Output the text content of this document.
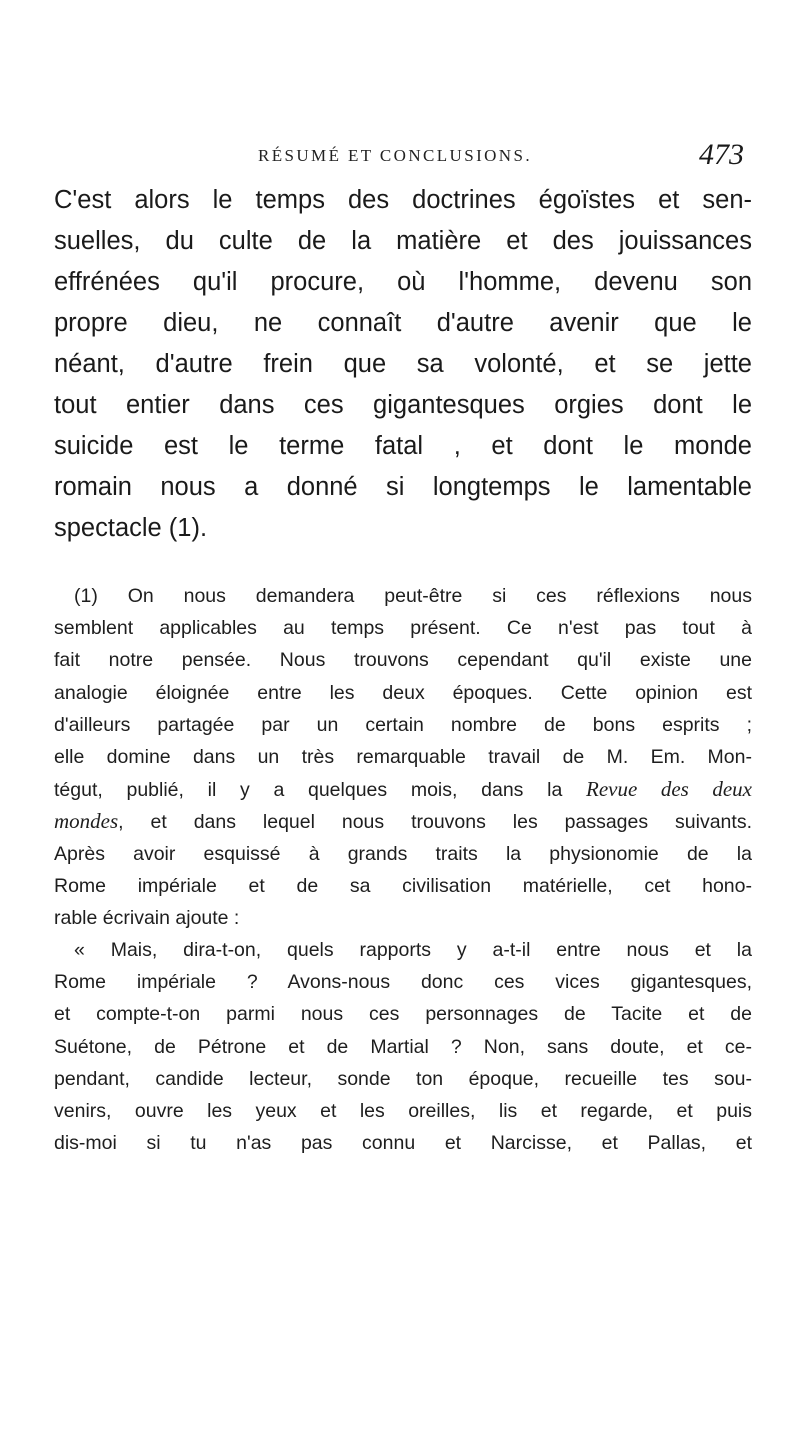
RÉSUMÉ ET CONCLUSIONS.	473
C'est alors le temps des doctrines égoïstes et sen-
suelles, du culte de la matière et des jouissances
effrénées qu'il procure, où l'homme, devenu son
propre dieu, ne connaît d'autre avenir que le
néant, d'autre frein que sa volonté, et se jette
tout entier dans ces gigantesques orgies dont le
suicide est le terme fatal , et dont le monde
romain nous a donné si longtemps le lamentable
spectacle (1).
(1) On nous demandera peut-être si ces réflexions nous
semblent applicables au temps présent. Ce n'est pas tout à
fait notre pensée. Nous trouvons cependant qu'il existe une
analogie éloignée entre les deux époques. Cette opinion est
d'ailleurs partagée par un certain nombre de bons esprits ;
elle domine dans un très remarquable travail de M. Em. Mon-
tégut, publié, il y a quelques mois, dans la Revue des deux
mondes, et dans lequel nous trouvons les passages suivants.
Après avoir esquissé à grands traits la physionomie de la
Rome impériale et de sa civilisation matérielle, cet hono-
rable écrivain ajoute :
« Mais, dira-t-on, quels rapports y a-t-il entre nous et la
Rome impériale ? Avons-nous donc ces vices gigantesques,
et compte-t-on parmi nous ces personnages de Tacite et de
Suétone, de Pétrone et de Martial ? Non, sans doute, et ce-
pendant, candide lecteur, sonde ton époque, recueille tes sou-
venirs, ouvre les yeux et les oreilles, lis et regarde, et puis
dis-moi si tu n'as pas connu et Narcisse, et Pallas, et
